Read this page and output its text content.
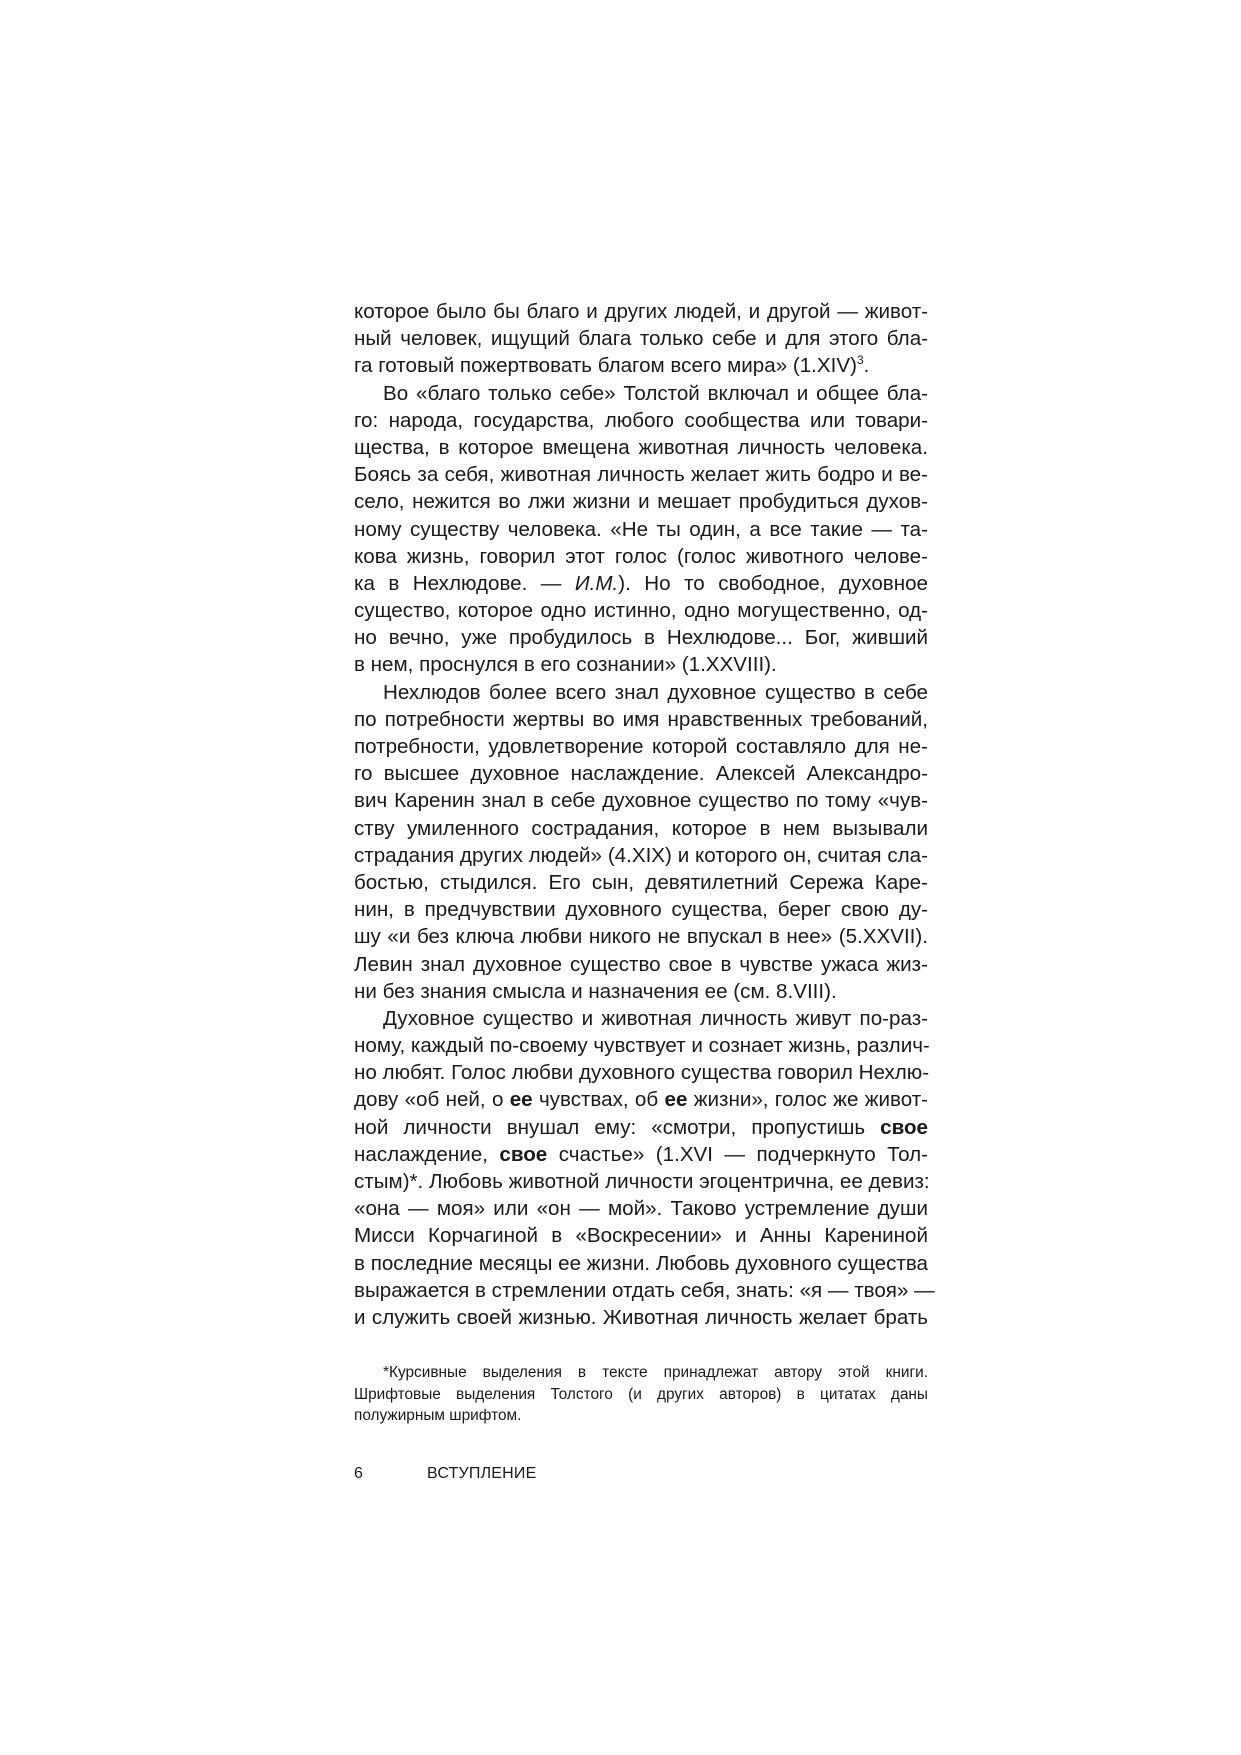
которое было бы благо и других людей, и другой — живот-
ный человек, ищущий блага только себе и для этого бла-
га готовый пожертвовать благом всего мира» $(1.XIV)^3$.
Во «благо только себе» Толстой включал и общее бла-
го: народа, государства, любого сообщества или товари-
щества, в которое вмещена животная личность человека.
Боясь за себя, животная личность желает жить бодро и ве-
село, нежится во лжи жизни и мешает пробудиться духов-
ному существу человека. «Не ты один, а все такие — та-
кова жизнь, говорил этот голос (голос животного челове-
ка в Нехлюдове. — И.М.). Но то свободное, духовное
существо, которое одно истинно, одно могущественно, од-
но вечно, уже пробудилось в Нехлюдове... Бог, живший
в нем, проснулся в его сознании» (1.XXVIII).
Нехлюдов более всего знал духовное существо в себе
по потребности жертвы во имя нравственных требований,
потребности, удовлетворение которой составляло для не-
го высшее духовное наслаждение. Алексей Александро-
вич Каренин знал в себе духовное существо по тому «чув-
ству умиленного сострадания, которое в нем вызывали
страдания других людей» (4.XIX) и которого он, считая сла-
бостью, стыдился. Его сын, девятилетний Сережа Каре-
нин, в предчувствии духовного существа, берег свою ду-
шу «и без ключа любви никого не впускал в нее» (5.XXVII).
Левин знал духовное существо свое в чувстве ужаса жиз-
ни без знания смысла и назначения ее (см. 8.VIII).
Духовное существо и животная личность живут по-раз-
ному, каждый по-своему чувствует и сознает жизнь, различ-
но любят. Голос любви духовного существа говорил Нехлю-
дову «об ней, о ее чувствах, об ее жизни», голос же живот-
ной личности внушал ему: «смотри, пропустишь свое
наслаждение, свое счастье» (1.XVI — подчеркнуто Тол-
стым)*. Любовь животной личности эгоцентрична, ее девиз:
«она — моя» или «он — мой». Таково устремление души
Мисси Корчагиной в «Воскресении» и Анны Карениной
в последние месяцы ее жизни. Любовь духовного существа
выражается в стремлении отдать себя, знать: «я — твоя» —
и служить своей жизнью. Животная личность желает брать
*Курсивные выделения в тексте принадлежат автору этой книги.
Шрифтовые выделения Толстого (и других авторов) в цитатах даны
полужирным шрифтом.
6	ВСТУПЛЕНИЕ
